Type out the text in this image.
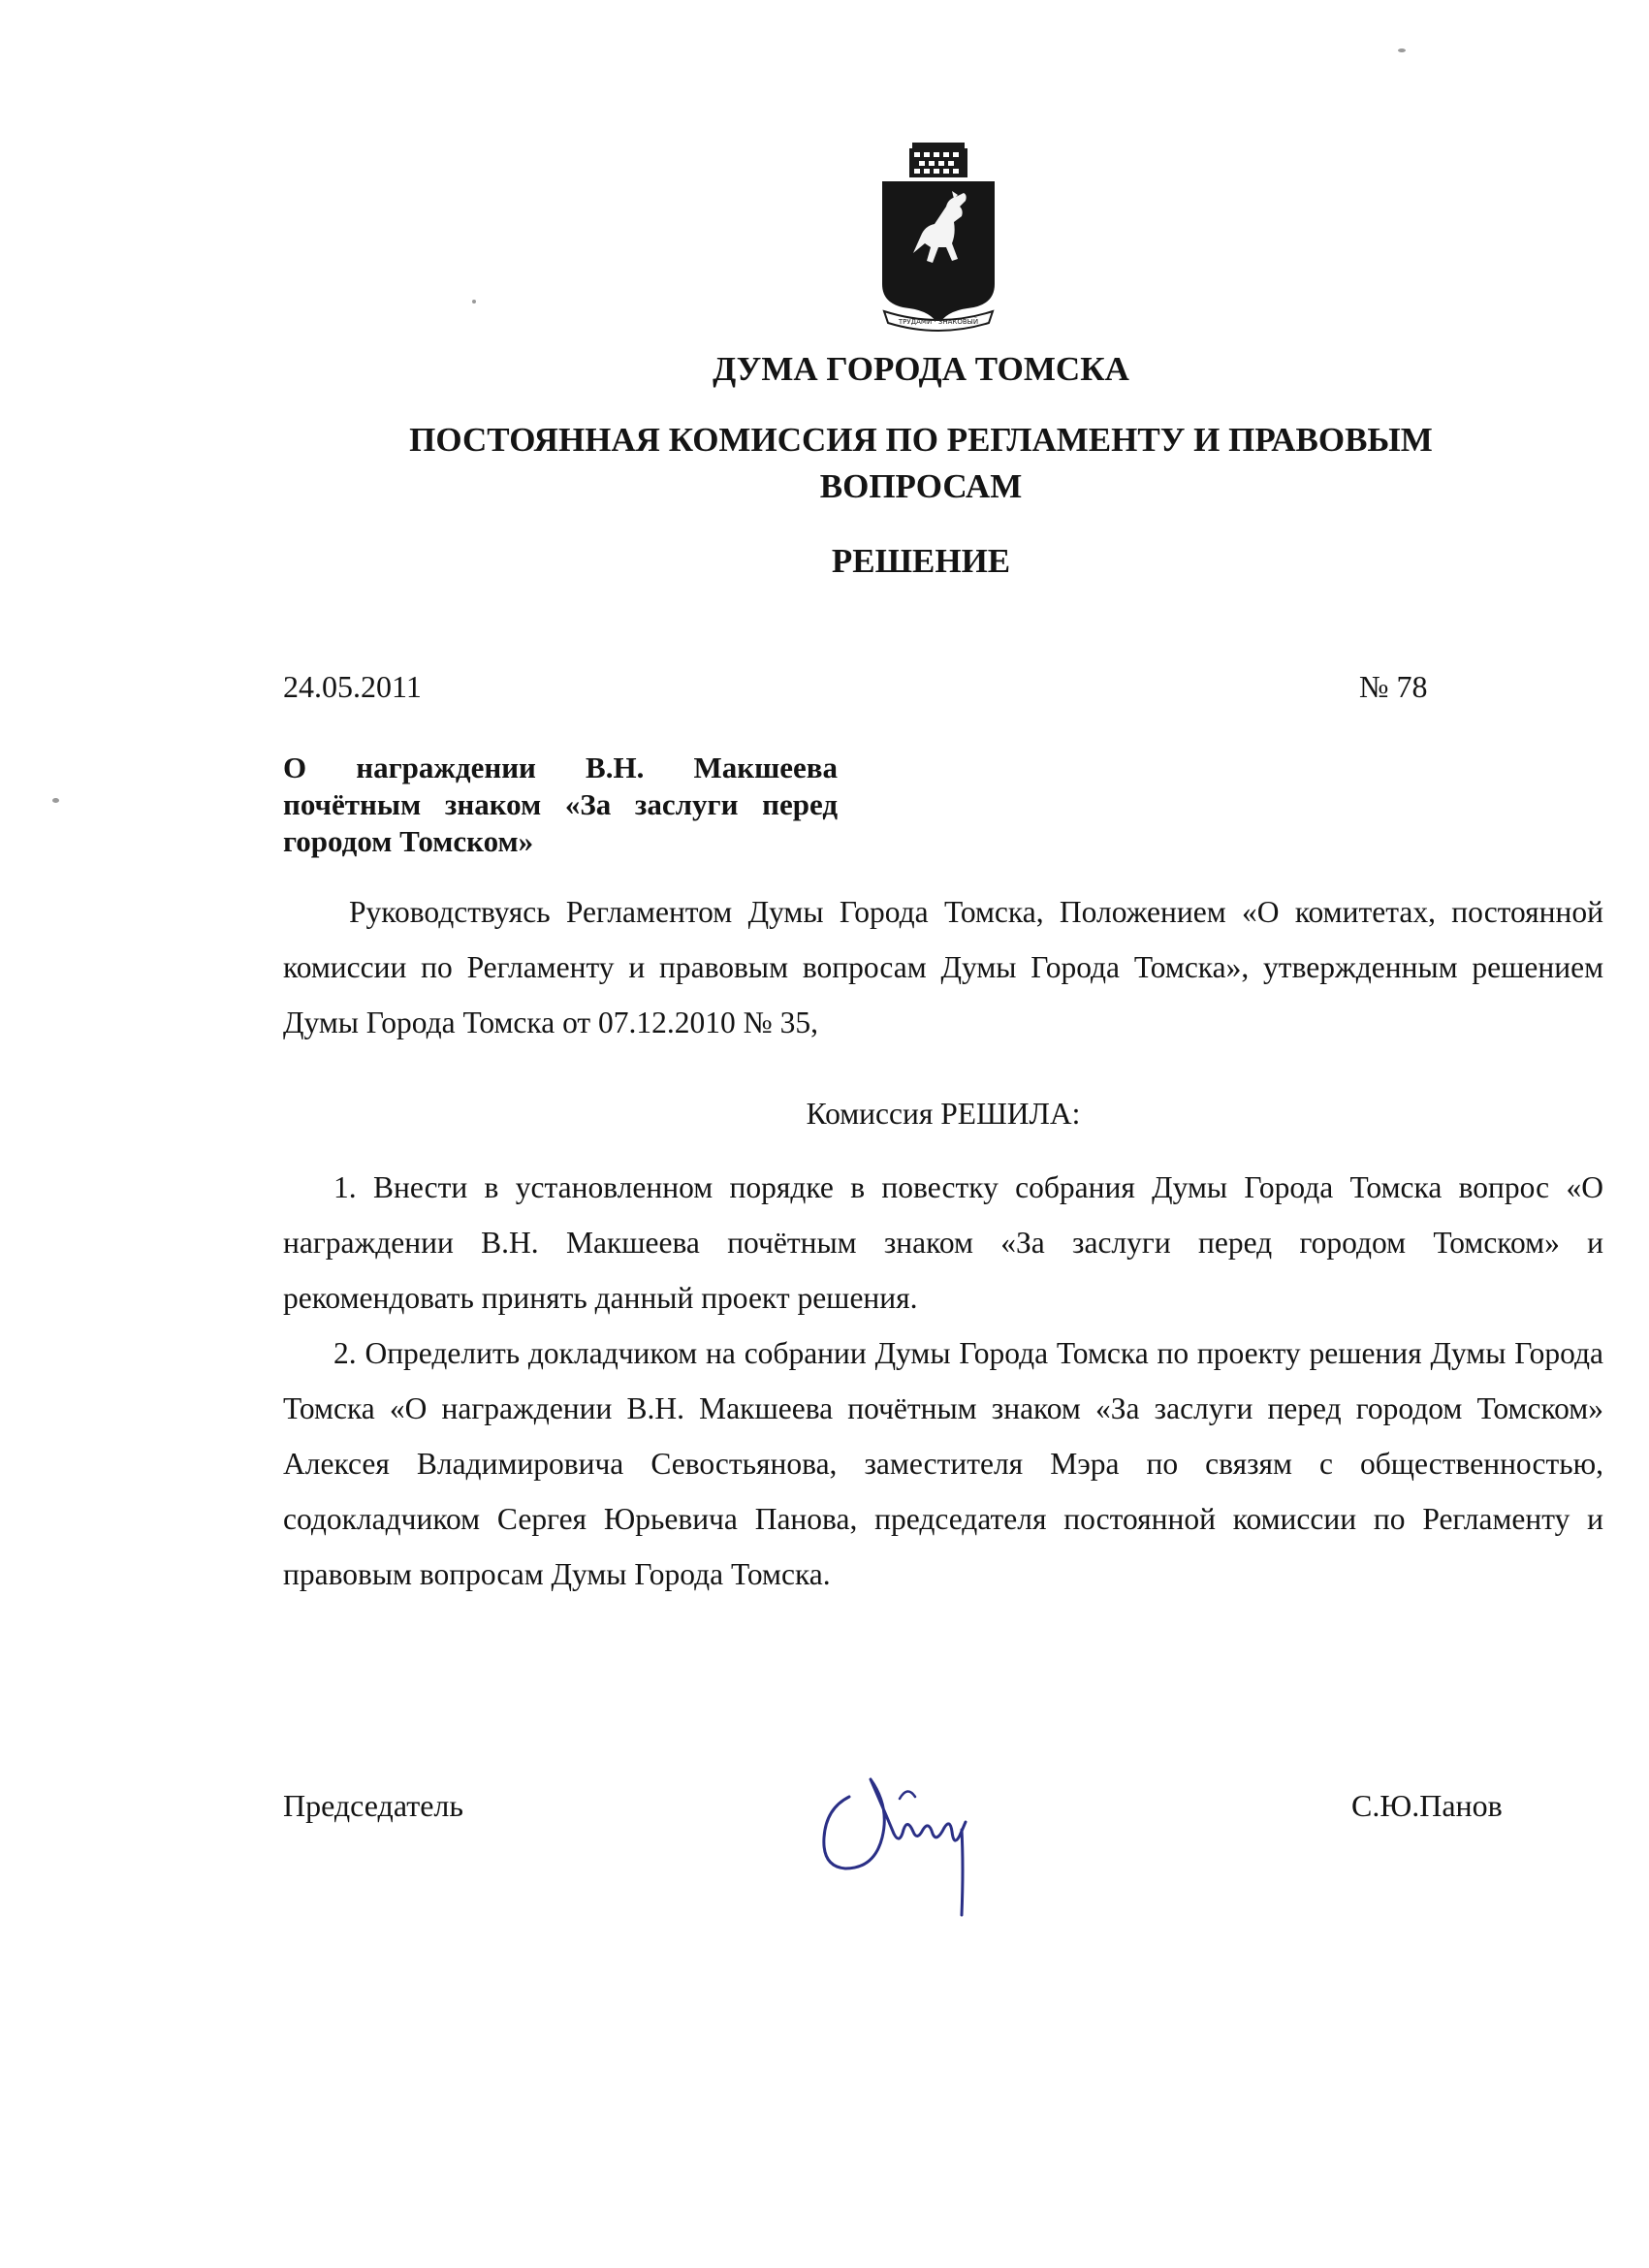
ТРУДАМИ · ЗНАКОВЫЙ

ДУМА ГОРОДА ТОМСКА

ПОСТОЯННАЯ КОМИССИЯ ПО РЕГЛАМЕНТУ И ПРАВОВЫМ

ВОПРОСАМ

РЕШЕНИЕ

24.05.2011	№ 78

О награждении В.Н. Макшеева
почётным знаком «За заслуги перед
городом Томском»

Руководствуясь Регламентом Думы Города Томска, Положением «О комитетах, постоянной комиссии по Регламенту и правовым вопросам Думы Города Томска», утвержденным решением Думы Города Томска от 07.12.2010 № 35,

Комиссия РЕШИЛА:

1. Внести в установленном порядке в повестку собрания Думы Города Томска вопрос «О награждении В.Н. Макшеева почётным знаком «За заслуги перед городом Томском» и рекомендовать принять данный проект решения.

2. Определить докладчиком на собрании Думы Города Томска по проекту решения Думы Города Томска «О награждении В.Н. Макшеева почётным знаком «За заслуги перед городом Томском» Алексея Владимировича Севостьянова, заместителя Мэра по связям с общественностью, содокладчиком Сергея Юрьевича Панова, председателя постоянной комиссии по Регламенту и правовым вопросам Думы Города Томска.

Председатель	С.Ю.Панов
